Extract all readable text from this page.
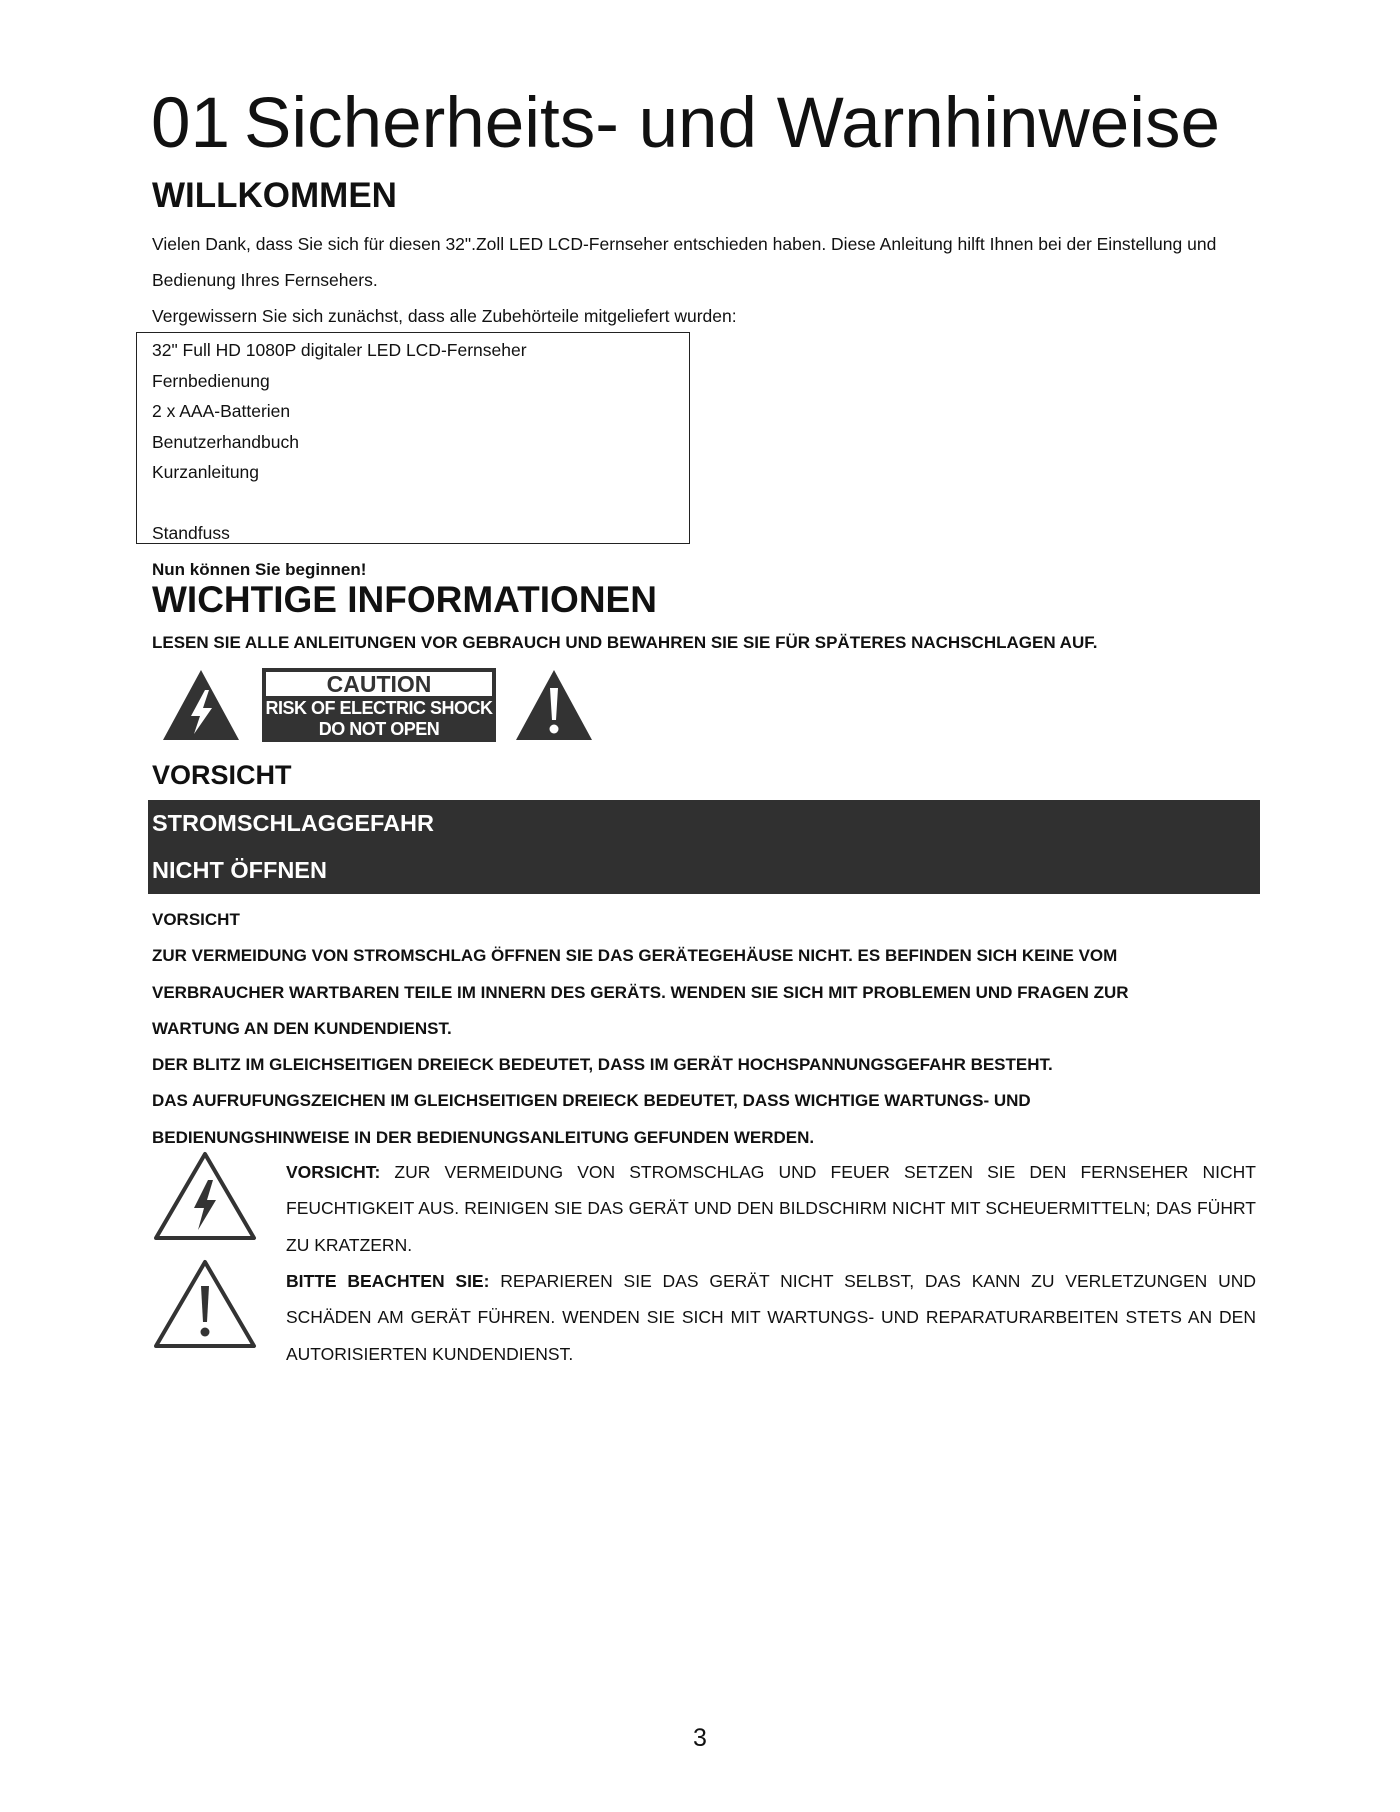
01 Sicherheits- und Warnhinweise
WILLKOMMEN

Vielen Dank, dass Sie sich für diesen 32".Zoll LED LCD-Fernseher entschieden haben. Diese Anleitung hilft Ihnen bei der Einstellung und

Bedienung Ihres Fernsehers.

Vergewissern Sie sich zunächst, dass alle Zubehörteile mitgeliefert wurden:

32" Full HD 1080P digitaler LED LCD-Fernseher
Fernbedienung
2 x AAA-Batterien
Benutzerhandbuch
Kurzanleitung
Standfuss
Nun können Sie beginnen!
WICHTIGE INFORMATIONEN
LESEN SIE ALLE ANLEITUNGEN VOR GEBRAUCH UND BEWAHREN SIE SIE FÜR SPÄTERES NACHSCHLAGEN AUF.
CAUTION
RISK OF ELECTRIC SHOCK
DO NOT OPEN
VORSICHT
STROMSCHLAGGEFAHR
NICHT ÖFFNEN

VORSICHT

ZUR VERMEIDUNG VON STROMSCHLAG ÖFFNEN SIE DAS GERÄTEGEHÄUSE NICHT. ES BEFINDEN SICH KEINE VOM

VERBRAUCHER WARTBAREN TEILE IM INNERN DES GERÄTS. WENDEN SIE SICH MIT PROBLEMEN UND FRAGEN ZUR

WARTUNG AN DEN KUNDENDIENST.

DER BLITZ IM GLEICHSEITIGEN DREIECK BEDEUTET, DASS IM GERÄT HOCHSPANNUNGSGEFAHR BESTEHT.

DAS AUFRUFUNGSZEICHEN IM GLEICHSEITIGEN DREIECK BEDEUTET, DASS WICHTIGE WARTUNGS- UND

BEDIENUNGSHINWEISE IN DER BEDIENUNGSANLEITUNG GEFUNDEN WERDEN.

VORSICHT: ZUR VERMEIDUNG VON STROMSCHLAG UND FEUER SETZEN SIE DEN FERNSEHER NICHT FEUCHTIGKEIT AUS. REINIGEN SIE DAS GERÄT UND DEN BILDSCHIRM NICHT MIT SCHEUERMITTELN; DAS FÜHRT ZU KRATZERN.
BITTE BEACHTEN SIE: REPARIEREN SIE DAS GERÄT NICHT SELBST, DAS KANN ZU VERLETZUNGEN UND SCHÄDEN AM GERÄT FÜHREN. WENDEN SIE SICH MIT WARTUNGS- UND REPARATURARBEITEN STETS AN DEN AUTORISIERTEN KUNDENDIENST.
3
